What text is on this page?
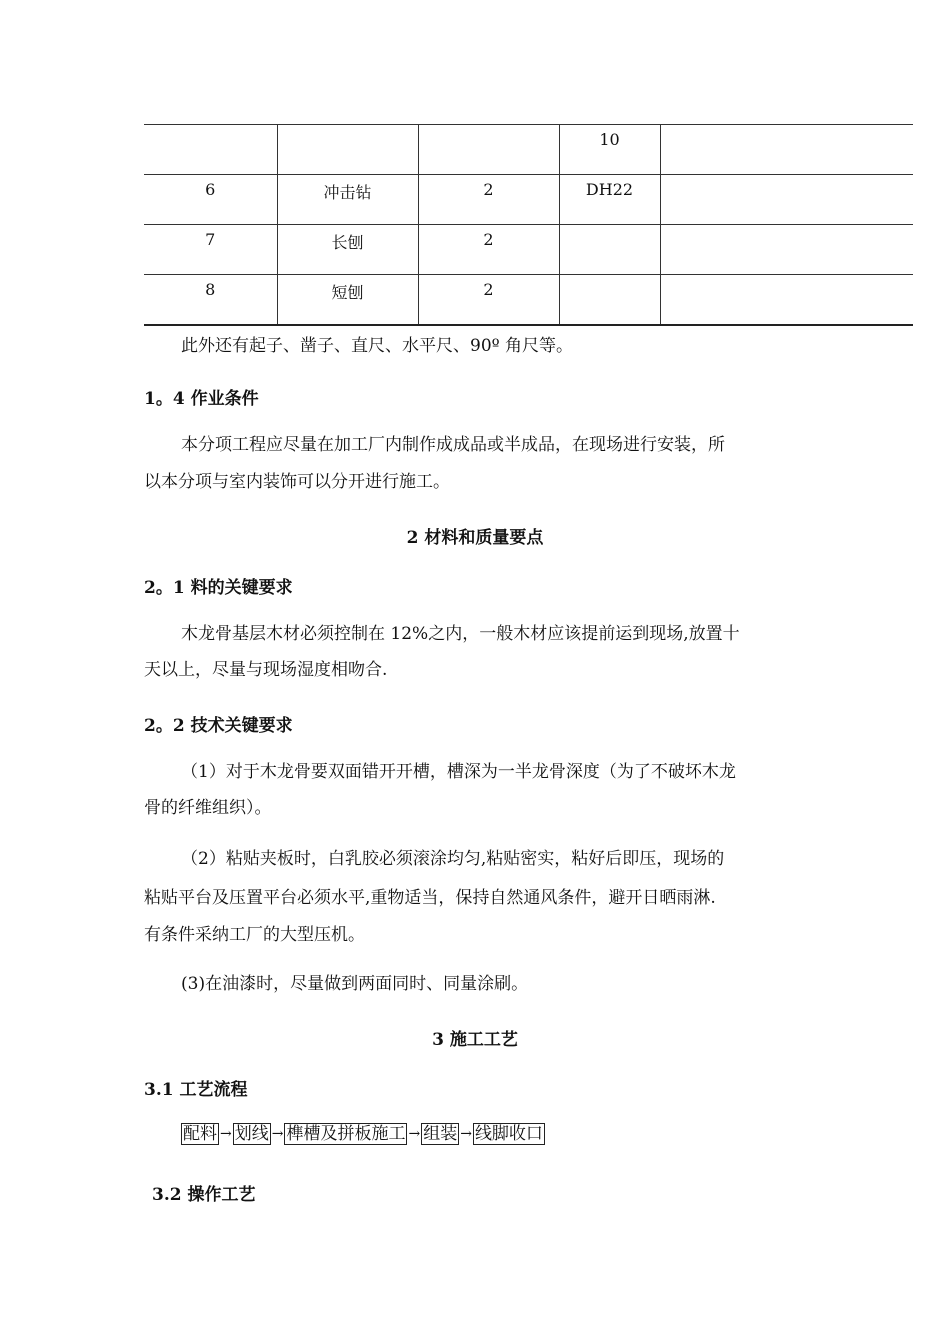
			10	
6	冲击钻	2	DH22	
7	长刨	2		
8	短刨	2		

此外还有起子、凿子、直尺、水平尺、90º 角尺等。

1。4 作业条件

本分项工程应尽量在加工厂内制作成成品或半成品，在现场进行安装，所

以本分项与室内装饰可以分开进行施工。

2 材料和质量要点

2。1 料的关键要求

木龙骨基层木材必须控制在 12%之内，一般木材应该提前运到现场,放置十

天以上，尽量与现场湿度相吻合.

2。2 技术关键要求

（1）对于木龙骨要双面错开开槽，槽深为一半龙骨深度（为了不破坏木龙

骨的纤维组织）。

（2）粘贴夹板时，白乳胶必须滚涂均匀,粘贴密实，粘好后即压，现场的

粘贴平台及压置平台必须水平,重物适当，保持自然通风条件，避开日晒雨淋.

有条件采纳工厂的大型压机。

(3)在油漆时，尽量做到两面同时、同量涂刷。

3 施工工艺

3.1 工艺流程

配料 → 划线 → 榫槽及拼板施工 → 组装 → 线脚收口

3.2 操作工艺
